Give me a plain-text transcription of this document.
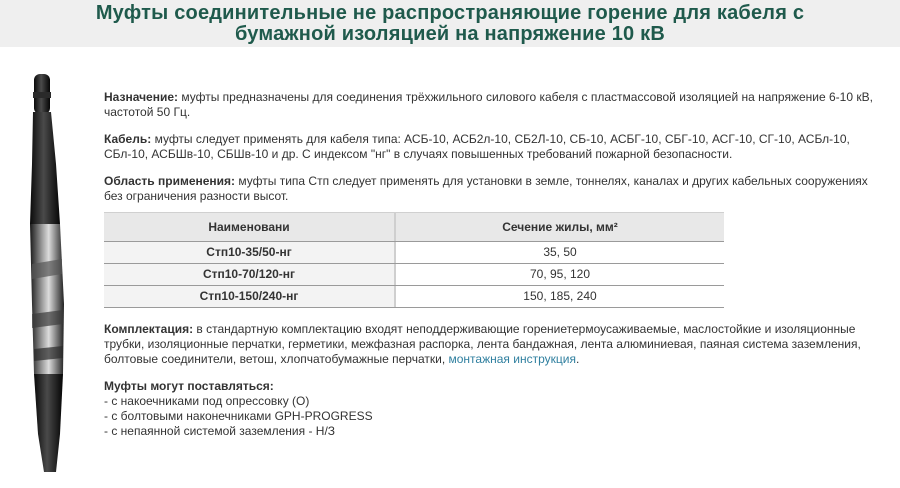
Муфты соединительные не распространяющие горение для кабеля с
бумажной изоляцией на напряжение 10 кВ

Назначение: муфты предназначены для соединения трёхжильного силового кабеля с пластмассовой изоляцией на напряжение 6-10 кВ, частотой 50 Гц.

Кабель: муфты следует применять для кабеля типа: АСБ-10, АСБ2л-10, СБ2Л-10, СБ-10, АСБГ-10, СБГ-10, АСГ-10, СГ-10, АСБл-10, СБл-10, АСБШв-10, СБШв-10 и др. С индексом "нг" в случаях повышенных требований пожарной безопасности.

Область применения: муфты типа Стп следует применять для установки в земле, тоннелях, каналах и других кабельных сооружениях без ограничения разности высот.

Наименовани		Сечение жилы, мм²
Стп10-35/50-нг		35, 50
Стп10-70/120-нг		70, 95, 120
Стп10-150/240-нг		150, 185, 240

Комплектация: в стандартную комплектацию входят неподдерживающие горениетермоусаживаемые, маслостойкие и изоляционные трубки, изоляционные перчатки, герметики, межфазная распорка, лента бандажная, лента алюминиевая, паяная система заземления, болтовые соединители, ветош, хлопчатобумажные перчатки, монтажная инструкция.

Муфты могут поставляться:
- с накоечниками под опрессовку (О)
- с болтовыми наконечниками GPH-PROGRESS
- с непаянной системой заземления - Н/З
